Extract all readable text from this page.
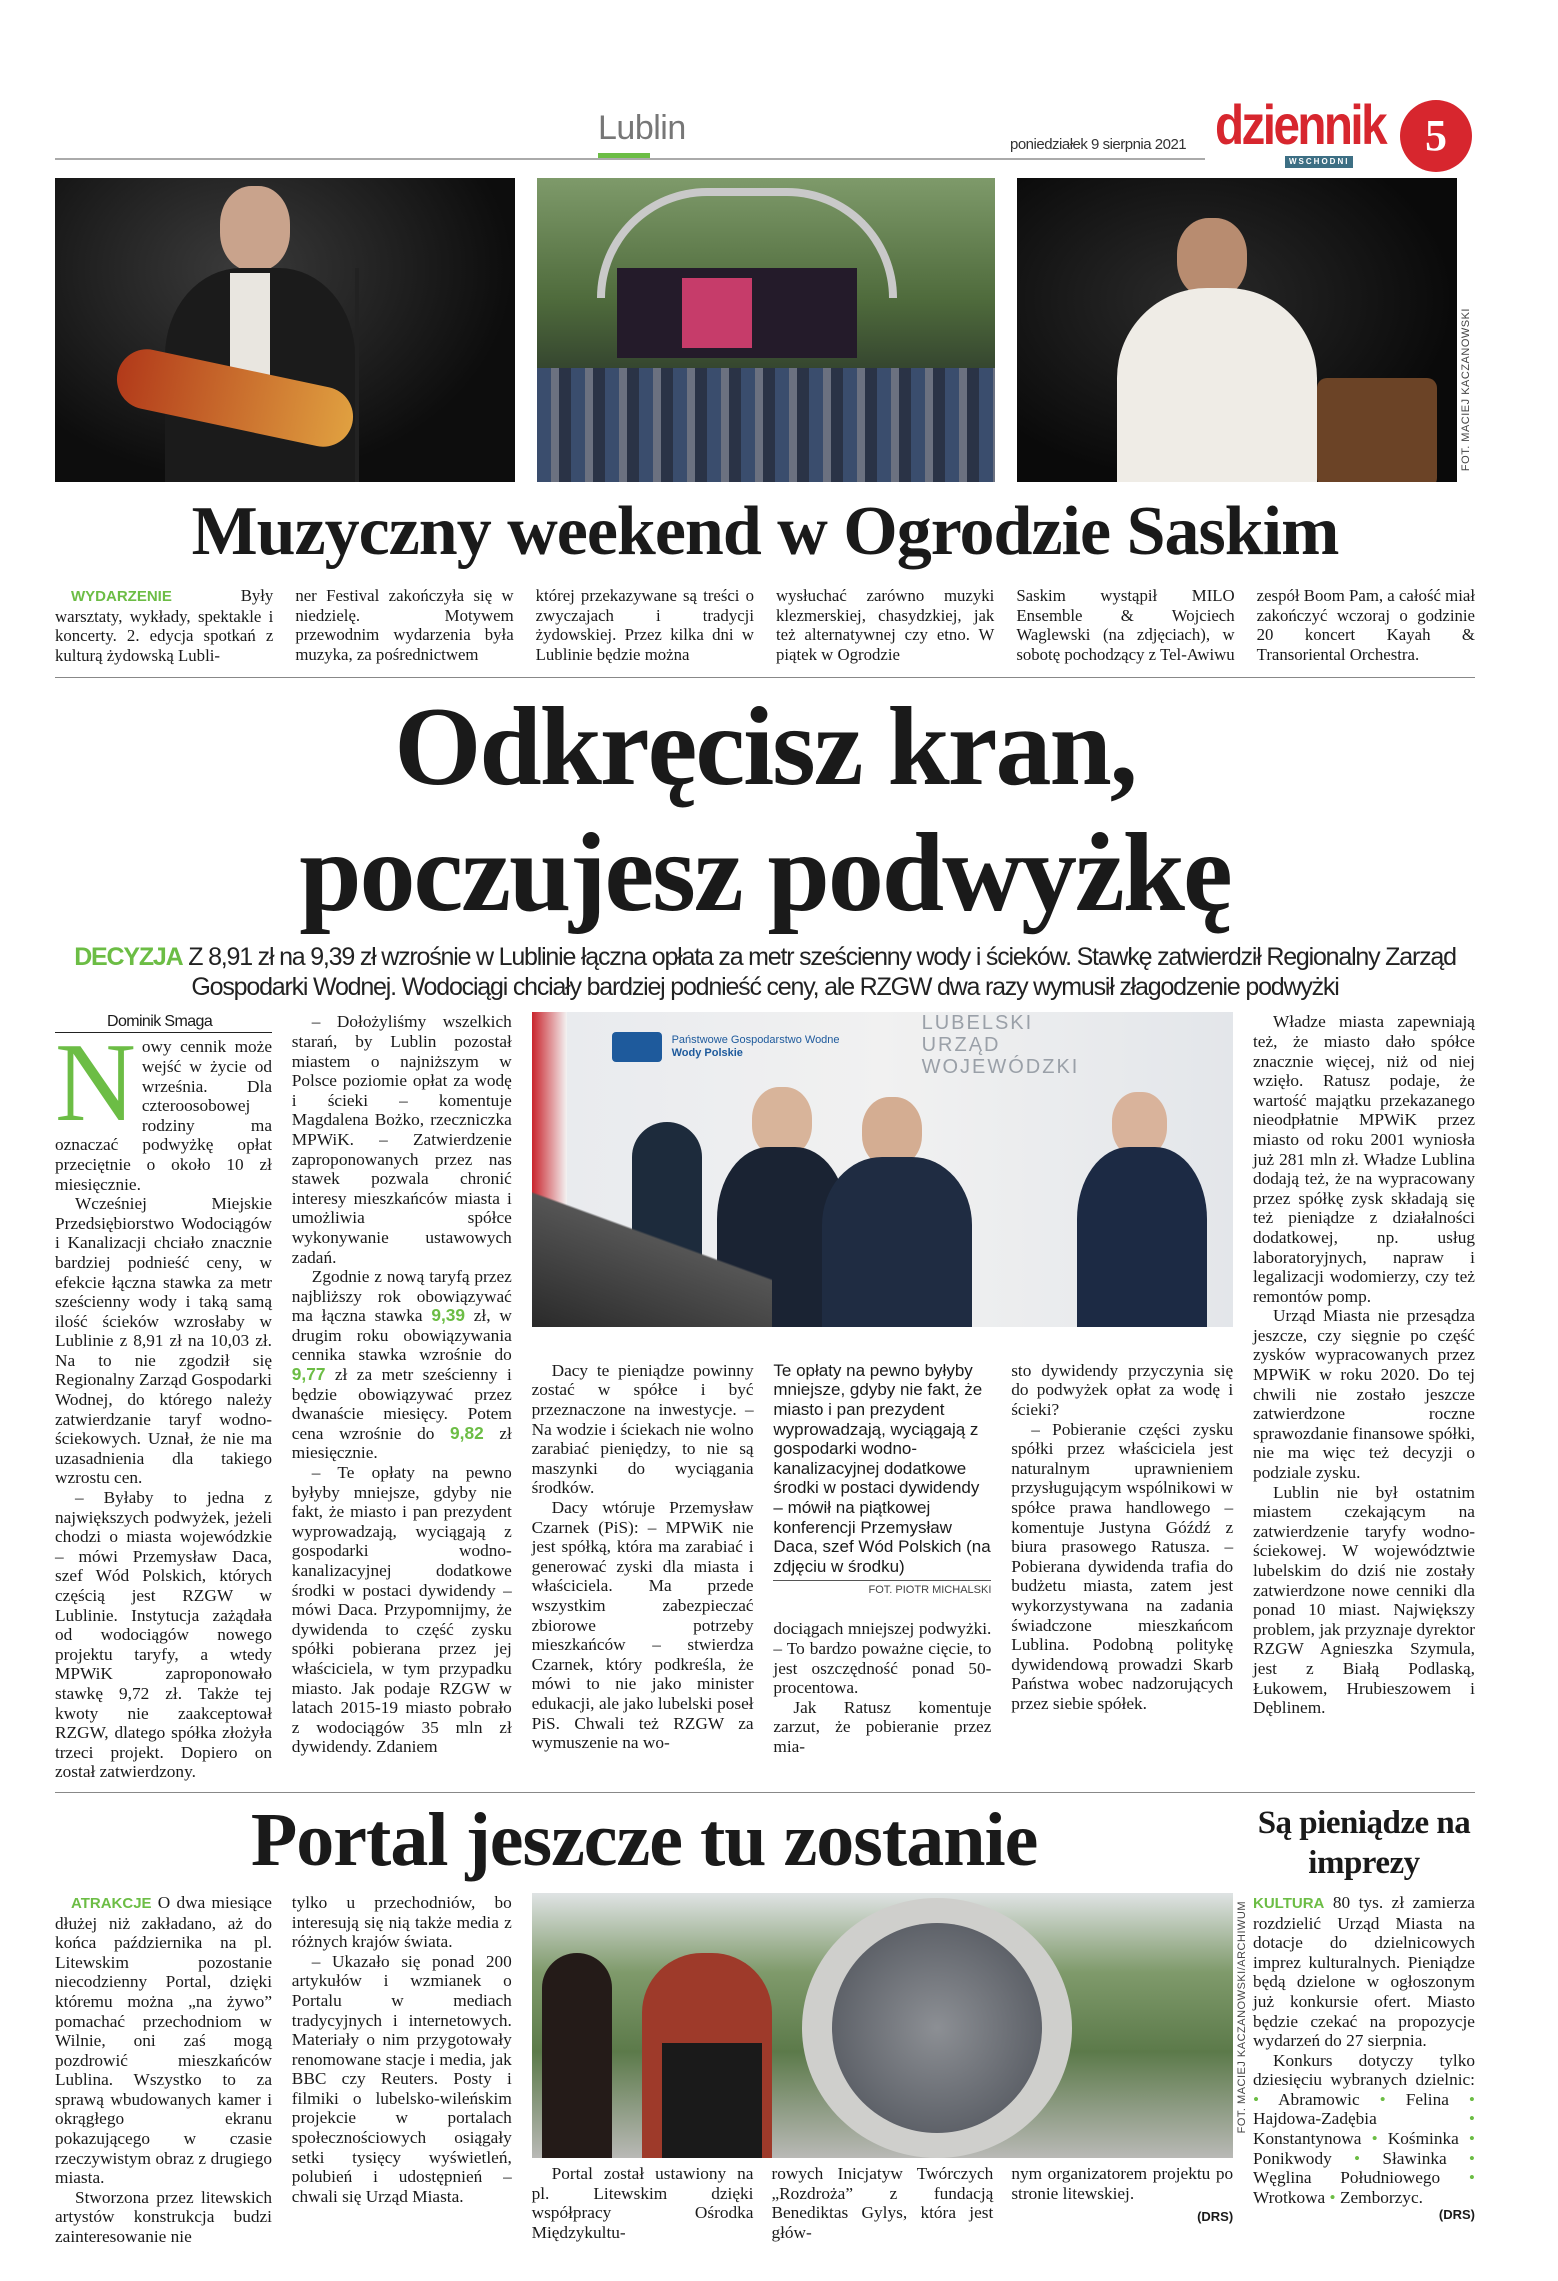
Lublin	poniedziałek 9 sierpnia 2021 dziennik
WSCHODNI
5
FOT. MACIEJ KACZANOWSKI
Muzyczny weekend w Ogrodzie Saskim

WYDARZENIE	Były warsztaty, wykłady, spektakle i koncerty. 2. edycja spotkań z kulturą żydowską Lubli-

ner Festival zakończyła się w niedzielę. Motywem przewodnim wydarzenia była muzyka, za pośrednictwem

której przekazywane są treści o zwyczajach i tradycji żydowskiej. Przez kilka dni w Lublinie będzie można

wysłuchać zarówno muzyki klezmerskiej, chasydzkiej, jak też alternatywnej czy etno. W piątek w Ogrodzie

Saskim wystąpił MILO Ensemble & Wojciech Waglewski (na zdjęciach), w sobotę pochodzący z Tel-Awiwu

zespół Boom Pam, a całość miał zakończyć wczoraj o godzinie 20 koncert Kayah & Transoriental Orchestra.

Odkręcisz kran,
poczujesz podwyżkę
DECYZJA Z 8,91 zł na 9,39 zł wzrośnie w Lublinie łączna opłata za metr sześcienny wody i ścieków. Stawkę zatwierdził Regionalny Zarząd Gospodarki Wodnej. Wodociągi chciały bardziej podnieść ceny, ale RZGW dwa razy wymusił złagodzenie podwyżki
Dominik Smaga
N owy cennik może wejść w życie od września. Dla czteroosobowej rodziny ma oznaczać podwyżkę opłat przeciętnie o około 10 zł miesięcznie.

Wcześniej Miejskie Przedsiębiorstwo Wodociągów i Kanalizacji chciało znacznie bardziej podnieść ceny, w efekcie łączna stawka za metr sześcienny wody i taką samą ilość ścieków wzrosłaby w Lublinie z 8,91 zł na 10,03 zł. Na to nie zgodził się Regionalny Zarząd Gospodarki Wodnej, do którego należy zatwierdzanie taryf wodno-ściekowych. Uznał, że nie ma uzasadnienia dla takiego wzrostu cen.

– Byłaby to jedna z największych podwyżek, jeżeli chodzi o miasta wojewódzkie – mówi Przemysław Daca, szef Wód Polskich, których częścią jest RZGW w Lublinie. Instytucja zażądała od wodociągów nowego projektu taryfy, a wtedy MPWiK zaproponowało stawkę 9,72 zł. Także tej kwoty nie zaakceptował RZGW, dlatego spółka złożyła trzeci projekt. Dopiero on został zatwierdzony.

– Dołożyliśmy wszelkich starań, by Lublin pozostał miastem o najniższym w Polsce poziomie opłat za wodę i ścieki – komentuje Magdalena Bożko, rzeczniczka MPWiK. – Zatwierdzenie zaproponowanych przez nas stawek pozwala chronić interesy mieszkańców miasta i umożliwia spółce wykonywanie ustawowych zadań.

Zgodnie z nową taryfą przez najbliższy rok obowiązywać ma łączna stawka 9,39 zł, w drugim roku obowiązywania cennika stawka wzrośnie do 9,77 zł za metr sześcienny i będzie obowiązywać przez dwanaście miesięcy. Potem cena wzrośnie do 9,82 zł miesięcznie.

– Te opłaty na pewno byłyby mniejsze, gdyby nie fakt, że miasto i pan prezydent wyprowadzają, wyciągają z gospodarki wodno-kanalizacyjnej dodatkowe środki w postaci dywidendy – mówi Daca. Przypomnijmy, że dywidenda to część zysku spółki pobierana przez jej właściciela, w tym przypadku miasto. Jak podaje RZGW w latach 2015-19 miasto pobrało z wodociągów 35 mln zł dywidendy. Zdaniem

Państwowe Gospodarstwo Wodne
Wody Polskie
LUBELSKI
URZĄD
WOJEWÓDZKI

Dacy te pieniądze powinny zostać w spółce i być przeznaczone na inwestycje. – Na wodzie i ściekach nie wolno zarabiać pieniędzy, to nie są maszynki do wyciągania środków.

Dacy wtóruje Przemysław Czarnek (PiS): – MPWiK nie jest spółką, która ma zarabiać i generować zyski dla miasta i właściciela. Ma przede wszystkim zabezpieczać zbiorowe potrzeby mieszkańców – stwierdza Czarnek, który podkreśla, że mówi to nie jako minister edukacji, ale jako lubelski poseł PiS. Chwali też RZGW za wymuszenie na wo-

Te opłaty na pewno byłyby mniejsze, gdyby nie fakt, że miasto i pan prezydent wyprowadzają, wyciągają z gospodarki wodno-kanalizacyjnej dodatkowe środki w postaci dywidendy – mówił na piątkowej konferencji Przemysław Daca, szef Wód Polskich (na zdjęciu w środku)
FOT. PIOTR MICHALSKI

dociągach mniejszej podwyżki. – To bardzo poważne cięcie, to jest oszczędność ponad 50-procentowa.

Jak Ratusz komentuje zarzut, że pobieranie przez mia-

sto dywidendy przyczynia się do podwyżek opłat za wodę i ścieki?

– Pobieranie części zysku spółki przez właściciela jest naturalnym uprawnieniem przysługującym wspólnikowi w spółce prawa handlowego – komentuje Justyna Góźdź z biura prasowego Ratusza. – Pobierana dywidenda trafia do budżetu miasta, zatem jest wykorzystywana na zadania świadczone mieszkańcom Lublina. Podobną politykę dywidendową prowadzi Skarb Państwa wobec nadzorujących przez siebie spółek.

Władze miasta zapewniają też, że miasto dało spółce znacznie więcej, niż od niej wzięło. Ratusz podaje, że wartość majątku przekazanego nieodpłatnie MPWiK przez miasto od roku 2001 wyniosła już 281 mln zł. Władze Lublina dodają też, że na wypracowany przez spółkę zysk składają się też pieniądze z działalności dodatkowej, np. usług laboratoryjnych, napraw i legalizacji wodomierzy, czy też remontów pomp.

Urząd Miasta nie przesądza jeszcze, czy sięgnie po część zysków wypracowanych przez MPWiK w roku 2020. Do tej chwili nie zostało jeszcze zatwierdzone roczne sprawozdanie finansowe spółki, nie ma więc też decyzji o podziale zysku.

Lublin nie był ostatnim miastem czekającym na zatwierdzenie taryfy wodno-ściekowej. W województwie lubelskim do dziś nie zostały zatwierdzone nowe cenniki dla ponad 10 miast. Największy problem, jak przyznaje dyrektor RZGW Agnieszka Szymula, jest z Białą Podlaską, Łukowem, Hrubieszowem i Dęblinem.

Portal jeszcze tu zostanie	Są pieniądze na imprezy

ATRAKCJE O dwa miesiące dłużej niż zakładano, aż do końca października na pl. Litewskim pozostanie niecodzienny Portal, dzięki któremu można „na żywo” pomachać przechodniom w Wilnie, oni zaś mogą pozdrowić mieszkańców Lublina. Wszystko to za sprawą wbudowanych kamer i okrągłego ekranu pokazującego w czasie rzeczywistym obraz z drugiego miasta.

Stworzona przez litewskich artystów konstrukcja budzi zainteresowanie nie

tylko u przechodniów, bo interesują się nią także media z różnych krajów świata.

– Ukazało się ponad 200 artykułów i wzmianek o Portalu w mediach tradycyjnych i internetowych. Materiały o nim przygotowały renomowane stacje i media, jak BBC czy Reuters. Posty i filmiki o lubelsko-wileńskim projekcie w portalach społecznościowych osiągały setki tysięcy wyświetleń, polubień i udostępnień – chwali się Urząd Miasta.

FOT. MACIEJ KACZANOWSKI/ARCHIWUM

Portal został ustawiony na pl. Litewskim dzięki współpracy Ośrodka Międzykultu-

rowych Inicjatyw Twórczych „Rozdroża” z fundacją Benediktas Gylys, która jest głów-

nym organizatorem projektu po stronie litewskiej.

(DRS)

KULTURA 80 tys. zł zamierza rozdzielić Urząd Miasta na dotacje do dzielnicowych imprez kulturalnych. Pieniądze będą dzielone w ogłoszonym już konkursie ofert. Miasto będzie czekać na propozycje wydarzeń do 27 sierpnia.

Konkurs dotyczy tylko dziesięciu wybranych dzielnic: • Abramowic • Felina • Hajdowa-Zadębia • Konstantynowa • Kośminka • Ponikwody • Sławinka • Węglina Południowego • Wrotkowa • Zemborzyc.

(DRS)
